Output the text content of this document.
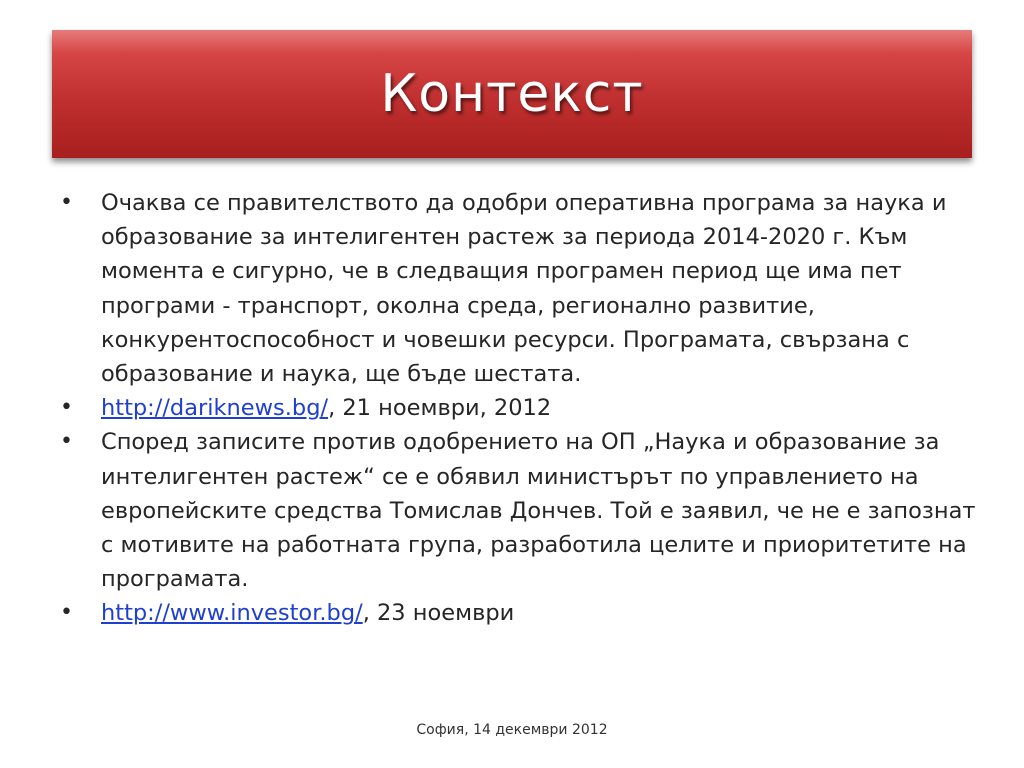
Контекст
• Очаква се правителството да одобри оперативна програма за наука и образование за интелигентен растеж за периода 2014-2020 г. Към момента е сигурно, че в следващия програмен период ще има пет програми - транспорт, околна среда, регионално развитие, конкурентоспособност и човешки ресурси. Програмата, свързана с образование и наука, ще бъде шестата.
• http://dariknews.bg/, 21 ноември, 2012
• Според записите против одобрението на ОП „Наука и образование за интелигентен растеж“ се е обявил министърът по управлението на европейските средства Томислав Дончев. Той е заявил, че не е запознат с мотивите на работната група, разработила целите и приоритетите на програмата.
• http://www.investor.bg/, 23 ноември
София, 14 декември 2012
